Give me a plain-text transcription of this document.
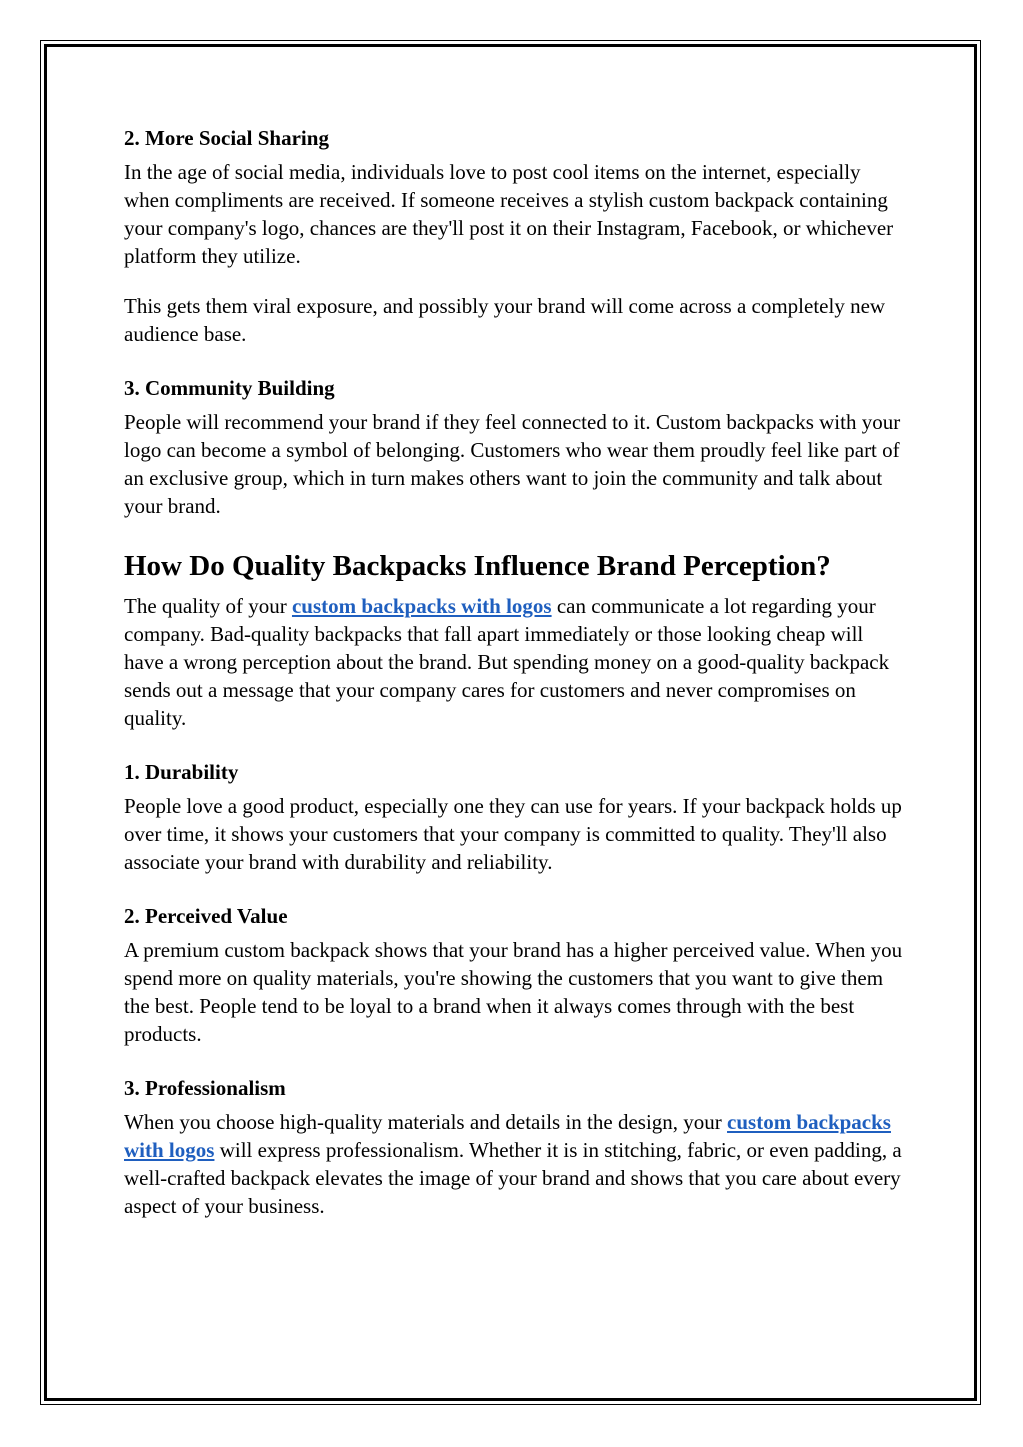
2. More Social Sharing

In the age of social media, individuals love to post cool items on the internet, especially when compliments are received. If someone receives a stylish custom backpack containing your company's logo, chances are they'll post it on their Instagram, Facebook, or whichever platform they utilize.

This gets them viral exposure, and possibly your brand will come across a completely new audience base.

3. Community Building

People will recommend your brand if they feel connected to it. Custom backpacks with your logo can become a symbol of belonging. Customers who wear them proudly feel like part of an exclusive group, which in turn makes others want to join the community and talk about your brand.

How Do Quality Backpacks Influence Brand Perception?

The quality of your custom backpacks with logos can communicate a lot regarding your company. Bad-quality backpacks that fall apart immediately or those looking cheap will have a wrong perception about the brand. But spending money on a good-quality backpack sends out a message that your company cares for customers and never compromises on quality.

1. Durability

People love a good product, especially one they can use for years. If your backpack holds up over time, it shows your customers that your company is committed to quality. They'll also associate your brand with durability and reliability.

2. Perceived Value

A premium custom backpack shows that your brand has a higher perceived value. When you spend more on quality materials, you're showing the customers that you want to give them the best. People tend to be loyal to a brand when it always comes through with the best products.

3. Professionalism

When you choose high-quality materials and details in the design, your custom backpacks with logos will express professionalism. Whether it is in stitching, fabric, or even padding, a well-crafted backpack elevates the image of your brand and shows that you care about every aspect of your business.
